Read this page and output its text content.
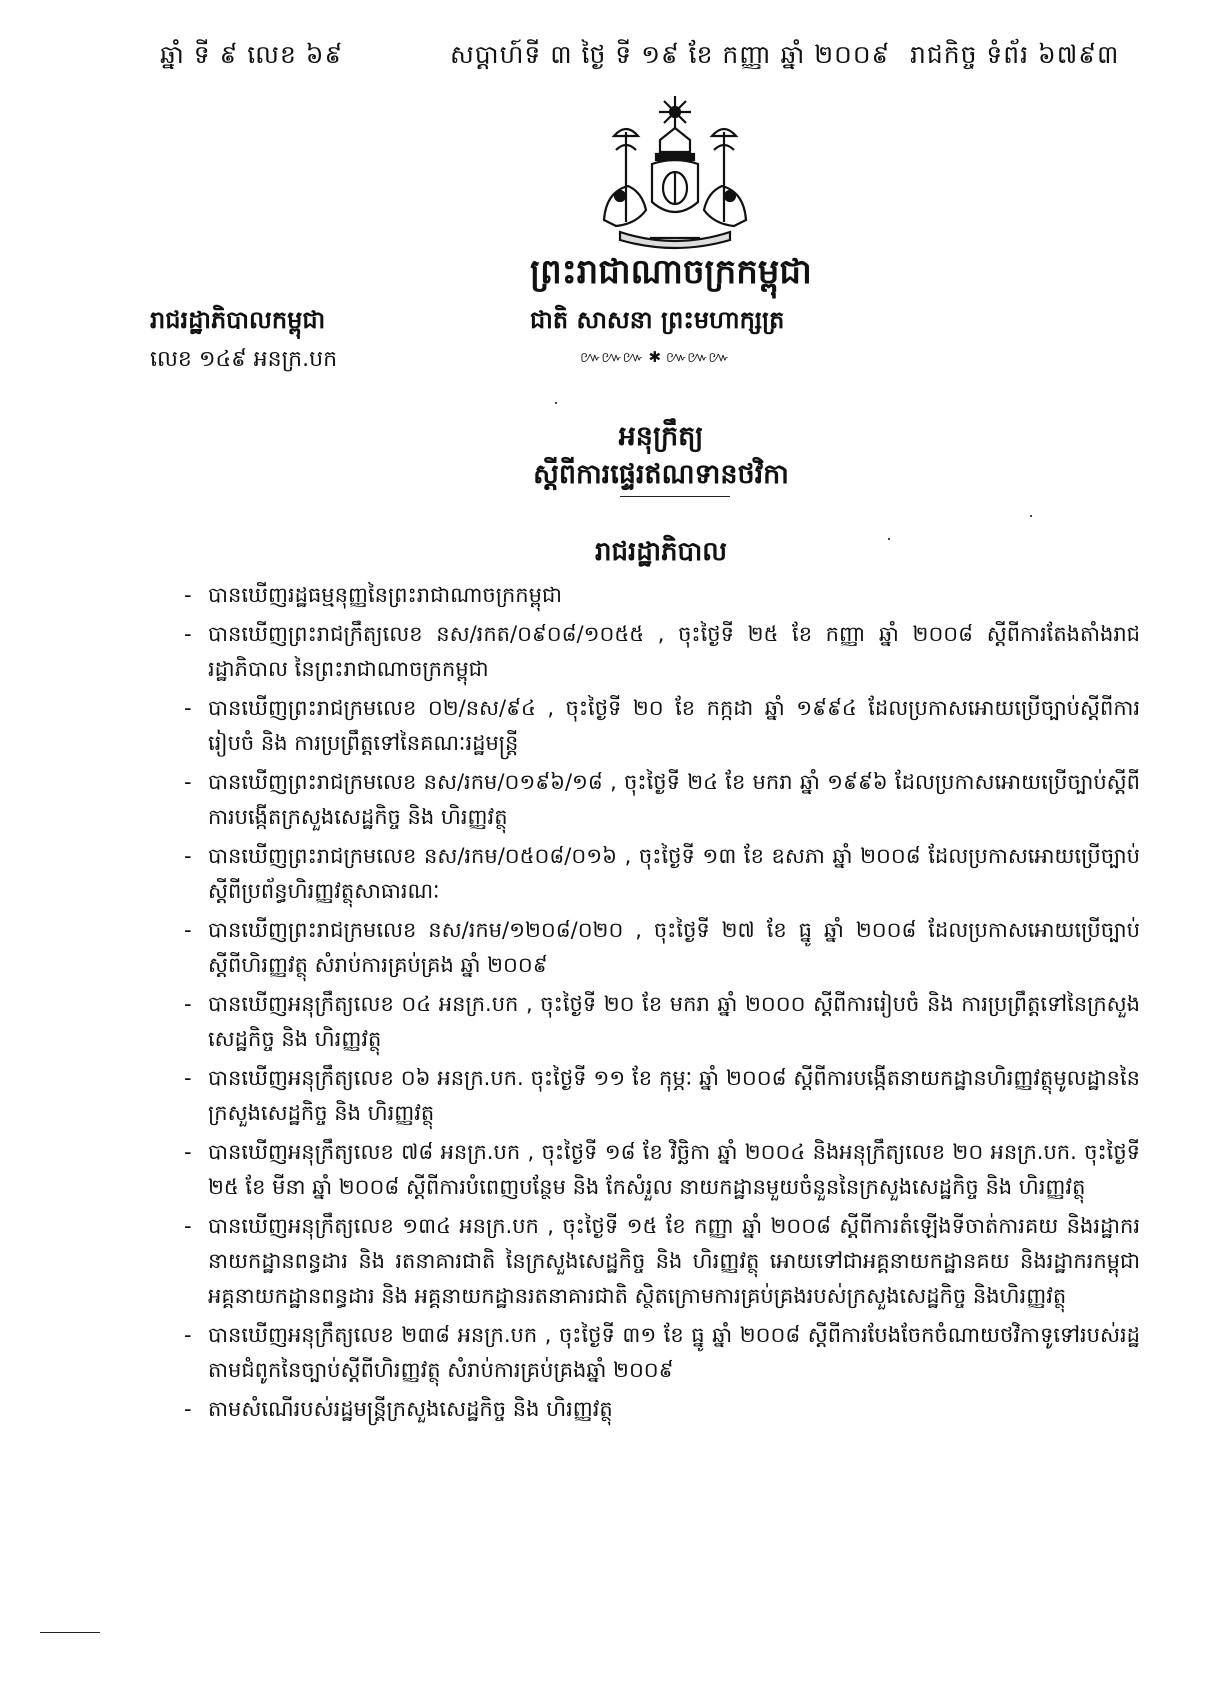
ឆ្នាំ ទី ៩ លេខ ៦៩	សប្តាហ៍ទី ៣ ថ្ងៃ ទី ១៩ ខែ កញ្ញា ឆ្នាំ ២០០៩ រាជកិច្ច ទំព័រ ៦៧៩៣
ព្រះរាជាណាចក្រកម្ពុជា
ជាតិ សាសនា ព្រះមហាក្សត្រ
៚៚៚ ✱ ៚៚៚
រាជរដ្ឋាភិបាលកម្ពុជា
លេខ ១៤៩ អនក្រ.បក
អនុក្រឹត្យ
ស្តីពីការផ្ទេរឥណទានថវិកា
រាជរដ្ឋាភិបាល
- បានឃើញរដ្ឋធម្មនុញ្ញនៃព្រះរាជាណាចក្រកម្ពុជា
- បានឃើញព្រះរាជក្រឹត្យលេខ នស/រកត/០៩០៨/១០៥៥ , ចុះថ្ងៃទី ២៥ ខែ កញ្ញា ឆ្នាំ ២០០៨ ស្តីពីការតែងតាំងរាជរដ្ឋាភិបាល នៃព្រះរាជាណាចក្រកម្ពុជា
- បានឃើញព្រះរាជក្រមលេខ ០២/នស/៩៤ , ចុះថ្ងៃទី ២០ ខែ កក្កដា ឆ្នាំ ១៩៩៤ ដែលប្រកាសអោយប្រើច្បាប់ស្តីពីការរៀបចំ និង ការប្រព្រឹត្តទៅនៃគណៈរដ្ឋមន្ត្រី
- បានឃើញព្រះរាជក្រមលេខ នស/រកម/០១៩៦/១៨ , ចុះថ្ងៃទី ២៤ ខែ មករា ឆ្នាំ ១៩៩៦ ដែលប្រកាសអោយប្រើច្បាប់ស្តីពីការបង្កើតក្រសួងសេដ្ឋកិច្ច និង ហិរញ្ញវត្ថុ
- បានឃើញព្រះរាជក្រមលេខ នស/រកម/០៥០៨/០១៦ , ចុះថ្ងៃទី ១៣ ខែ ឧសភា ឆ្នាំ ២០០៨ ដែលប្រកាសអោយប្រើច្បាប់ស្តីពីប្រព័ន្ធហិរញ្ញវត្ថុសាធារណៈ
- បានឃើញព្រះរាជក្រមលេខ នស/រកម/១២០៨/០២០ , ចុះថ្ងៃទី ២៧ ខែ ធ្នូ ឆ្នាំ ២០០៨ ដែលប្រកាសអោយប្រើច្បាប់ស្តីពីហិរញ្ញវត្ថុ សំរាប់ការគ្រប់គ្រង ឆ្នាំ ២០០៩
- បានឃើញអនុក្រឹត្យលេខ ០៤ អនក្រ.បក , ចុះថ្ងៃទី ២០ ខែ មករា ឆ្នាំ ២០០០ ស្តីពីការរៀបចំ និង ការប្រព្រឹត្តទៅនៃក្រសួង សេដ្ឋកិច្ច និង ហិរញ្ញវត្ថុ
- បានឃើញអនុក្រឹត្យលេខ ០៦ អនក្រ.បក. ចុះថ្ងៃទី ១១ ខែ កុម្ភៈ ឆ្នាំ ២០០៨ ស្តីពីការបង្កើតនាយកដ្ឋានហិរញ្ញវត្ថុមូលដ្ឋាននៃក្រសួងសេដ្ឋកិច្ច និង ហិរញ្ញវត្ថុ
- បានឃើញអនុក្រឹត្យលេខ ៧៨ អនក្រ.បក , ចុះថ្ងៃទី ១៨ ខែ វិច្ឆិកា ឆ្នាំ ២០០៤ និងអនុក្រឹត្យលេខ ២០ អនក្រ.បក. ចុះថ្ងៃទី ២៥ ខែ មីនា ឆ្នាំ ២០០៨ ស្តីពីការបំពេញបន្ថែម និង កែសំរួល នាយកដ្ឋានមួយចំនួននៃក្រសួងសេដ្ឋកិច្ច និង ហិរញ្ញវត្ថុ
- បានឃើញអនុក្រឹត្យលេខ ១៣៤ អនក្រ.បក , ចុះថ្ងៃទី ១៥ ខែ កញ្ញា ឆ្នាំ ២០០៨ ស្តីពីការតំឡើងទីចាត់ការគយ និងរដ្ឋាករ នាយកដ្ឋានពន្ធដារ និង រតនាគារជាតិ នៃក្រសួងសេដ្ឋកិច្ច និង ហិរញ្ញវត្ថុ អោយទៅជាអគ្គនាយកដ្ឋានគយ និងរដ្ឋាករកម្ពុជា អគ្គនាយកដ្ឋានពន្ធដារ និង អគ្គនាយកដ្ឋានរតនាគារជាតិ ស្ថិតក្រោមការគ្រប់គ្រងរបស់ក្រសួងសេដ្ឋកិច្ច និងហិរញ្ញវត្ថុ
- បានឃើញអនុក្រឹត្យលេខ ២៣៨ អនក្រ.បក , ចុះថ្ងៃទី ៣១ ខែ ធ្នូ ឆ្នាំ ២០០៨ ស្តីពីការបែងចែកចំណាយថវិកាទូទៅរបស់រដ្ឋតាមជំពូកនៃច្បាប់ស្តីពីហិរញ្ញវត្ថុ សំរាប់ការគ្រប់គ្រងឆ្នាំ ២០០៩
- តាមសំណើរបស់រដ្ឋមន្ត្រីក្រសួងសេដ្ឋកិច្ច និង ហិរញ្ញវត្ថុ
